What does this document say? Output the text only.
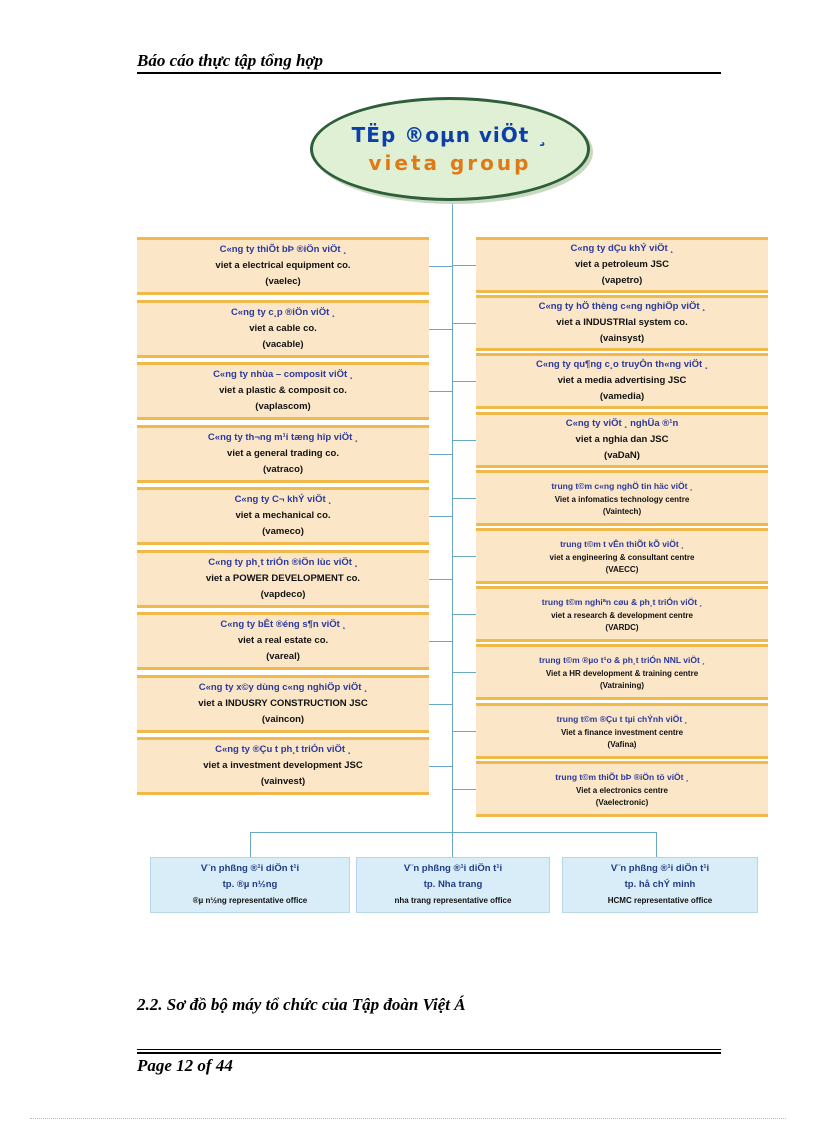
Báo cáo thực tập tổng hợp
TËp ®oµn viÖt ¸
vieta group
V¨n phßng ®¹i diÖn t¹i
tp. ®µ n½ng
®µ n½ng representative office
V¨n phßng ®¹i diÖn t¹i
tp. Nha trang
nha trang representative office
V¨n phßng ®¹i diÖn t¹i
tp. hå chÝ minh
HCMC representative office
C«ng ty thiÕt bÞ ®iÖn viÖt ¸
viet a electrical equipment co.
(vaelec)
C«ng ty c¸p ®iÖn viÖt ¸
viet a cable co.
(vacable)
C«ng ty nhùa – composit viÖt ¸
viet a plastic & composit co.
(vaplascom)
C«ng ty th¬ng m¹i tæng hîp viÖt ¸
viet a general trading co.
(vatraco)
C«ng ty C¬ khÝ viÖt ¸
viet a mechanical co.
(vameco)
C«ng ty ph¸t triÓn ®iÖn lùc viÖt ¸
viet a POWER DEVELOPMENT co.
(vapdeco)
C«ng ty bÊt ®éng s¶n viÖt ¸
viet a real estate co.
(vareal)
C«ng ty x©y dùng c«ng nghiÖp viÖt ¸
viet a INDUSRY CONSTRUCTION JSC
(vaincon)
C«ng ty ®Çu t ph¸t triÓn viÖt ¸
viet a investment development JSC
(vainvest)
C«ng ty dÇu khÝ viÖt ¸
viet a petroleum JSC
(vapetro)
C«ng ty hÖ thèng c«ng nghiÖp viÖt ¸
viet a INDUSTRIal system co.
(vainsyst)
C«ng ty qu¶ng c¸o truyÒn th«ng viÖt ¸
viet a media advertising JSC
(vamedia)
C«ng ty viÖt ¸ nghÜa ®¹n
viet a nghia dan JSC
(vaDaN)
trung t©m c«ng nghÖ tin häc viÖt ¸
Viet a infomatics technology centre
(Vaintech)
trung t©m t vÊn thiÕt kÕ viÖt ¸
viet a engineering & consultant centre
(VAECC)
trung t©m nghiªn cøu & ph¸t triÓn viÖt ¸
viet a research & development centre
(VARDC)
trung t©m ®µo t¹o & ph¸t triÓn NNL viÖt ¸
Viet a HR development & training centre
(Vatraining)
trung t©m ®Çu t tµi chÝnh viÖt ¸
Viet a finance investment centre
(Vafina)
trung t©m thiÕt bÞ ®iÖn tö viÖt ¸
Viet a electronics centre
(Vaelectronic)
2.2. Sơ đồ bộ máy tổ chức của Tập đoàn Việt Á
Page 12 of 44
